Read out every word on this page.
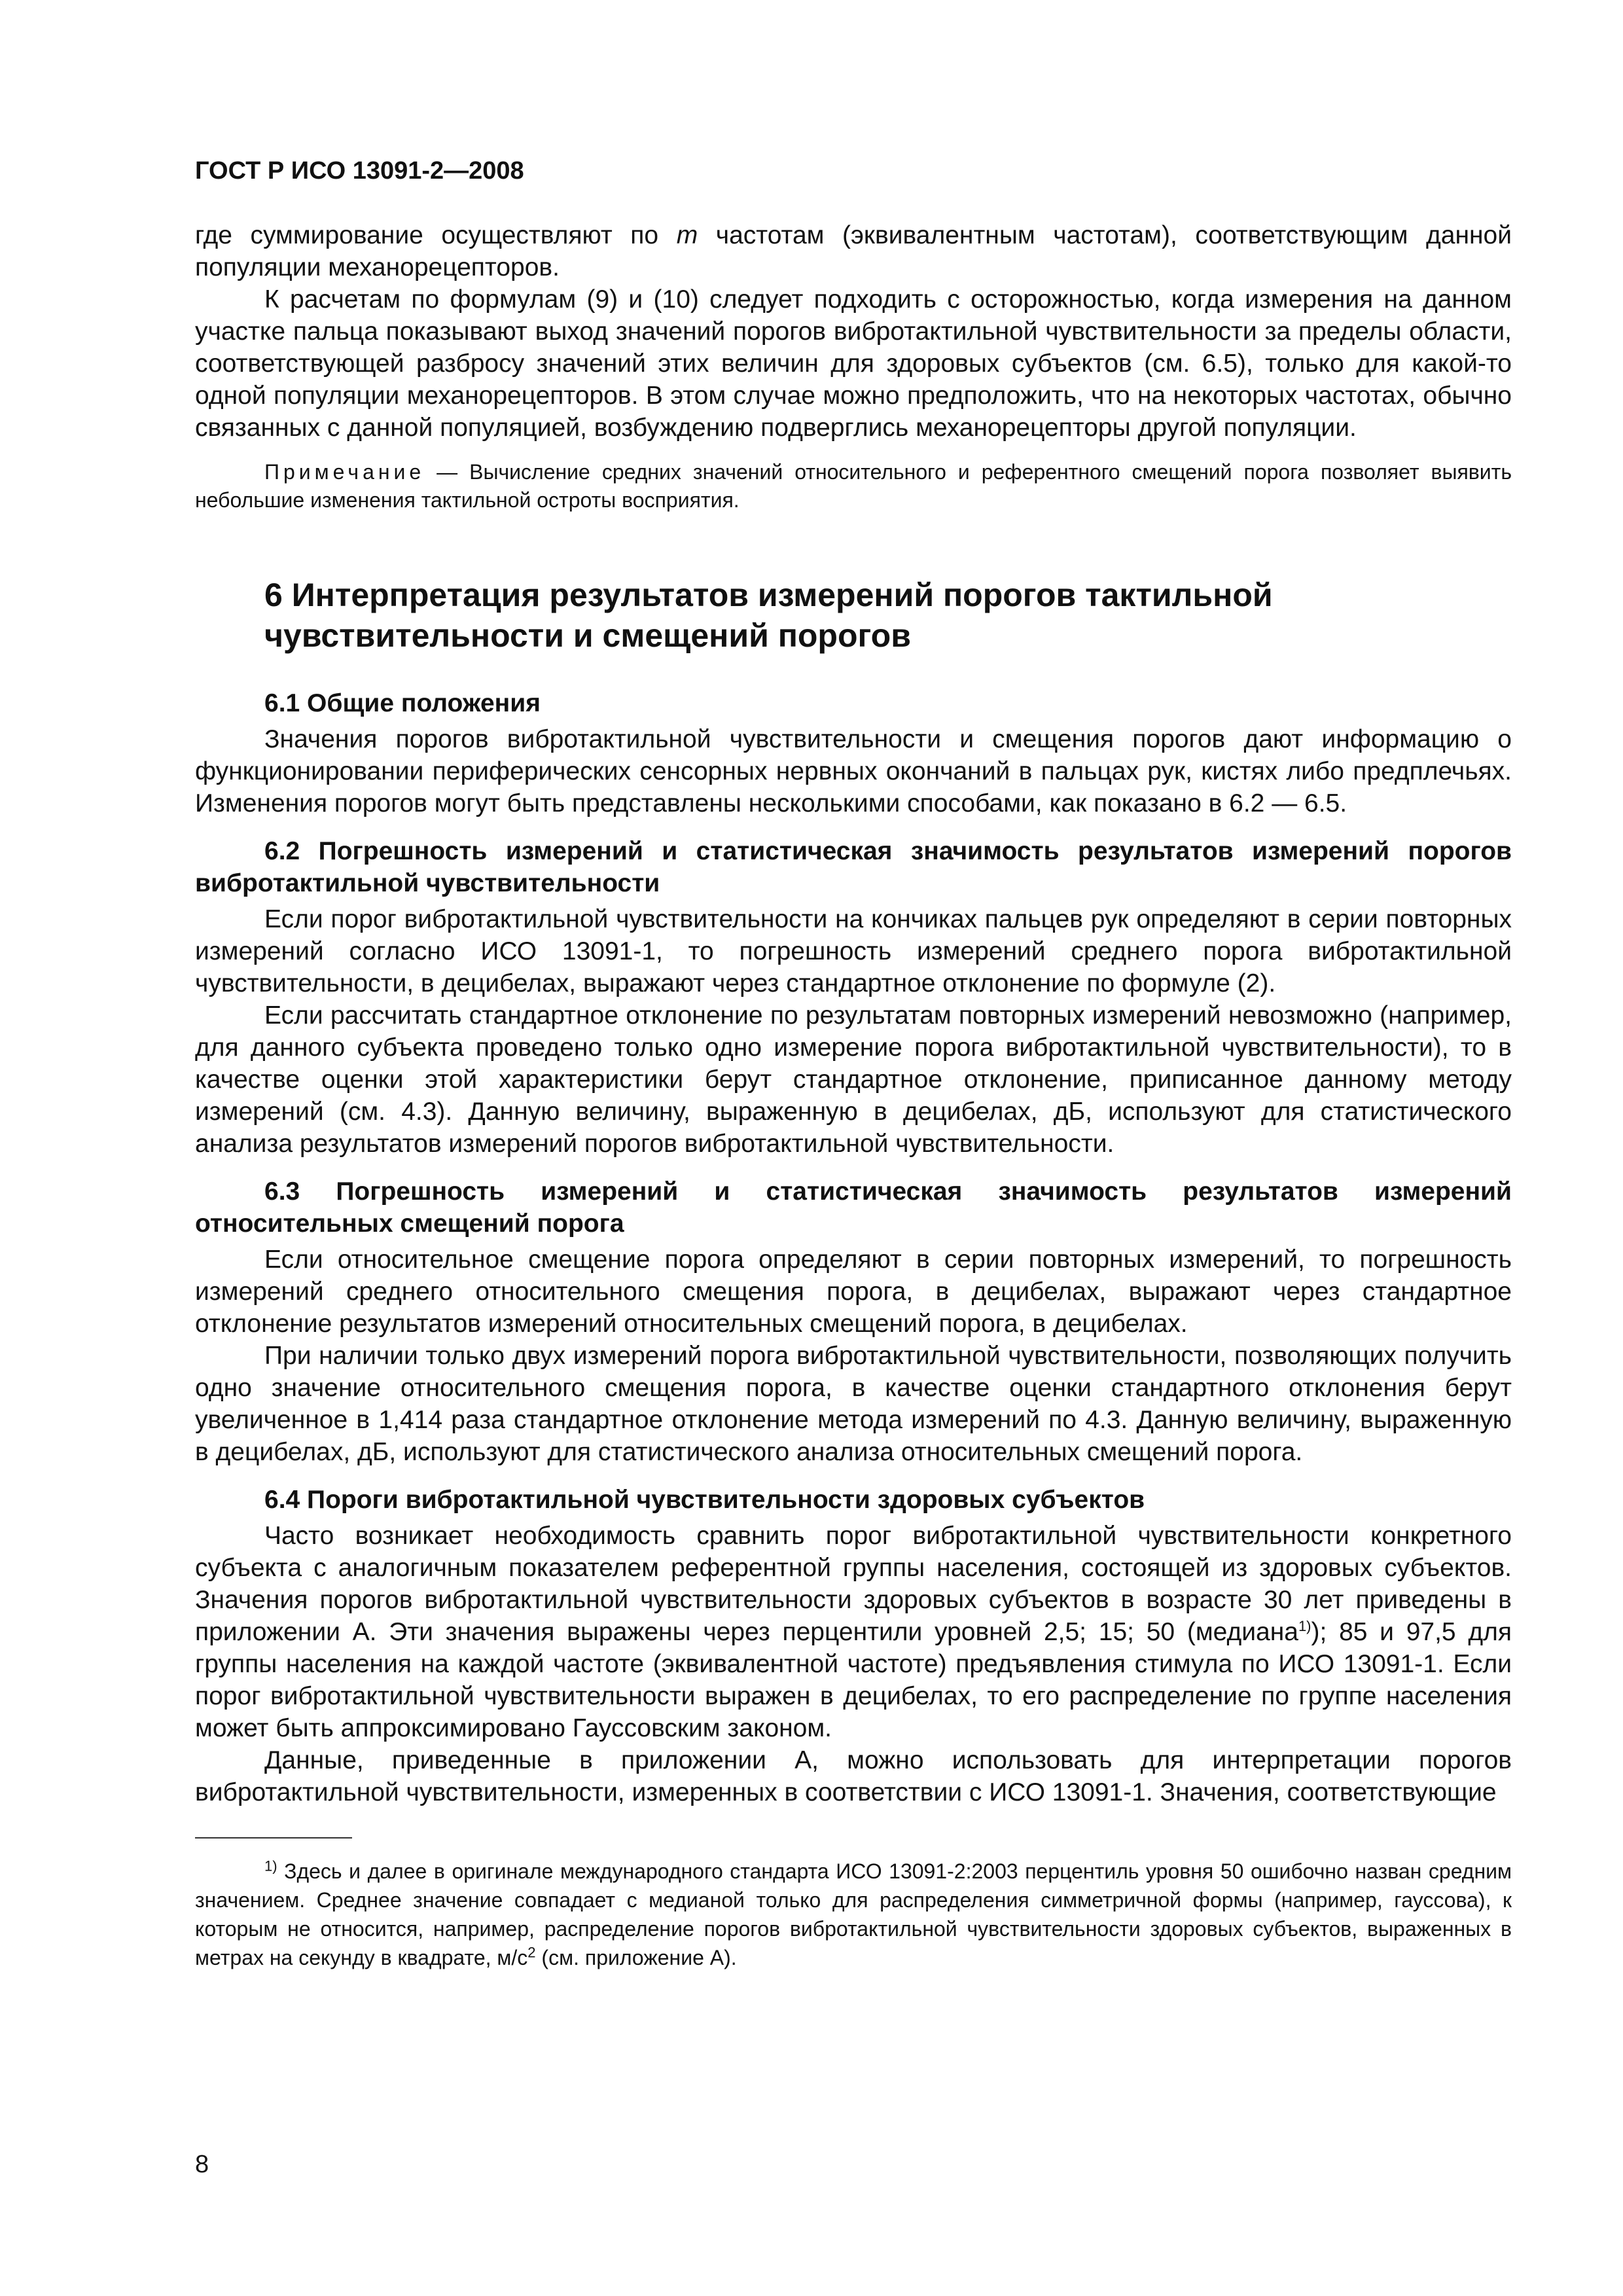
ГОСТ Р ИСО 13091-2—2008

где суммирование осуществляют по m частотам (эквивалентным частотам), соответствующим данной популяции механорецепторов.

К расчетам по формулам (9) и (10) следует подходить с осторожностью, когда измерения на данном участке пальца показывают выход значений порогов вибротактильной чувствительности за пределы области, соответствующей разбросу значений этих величин для здоровых субъектов (см. 6.5), только для какой-то одной популяции механорецепторов. В этом случае можно предположить, что на некоторых частотах, обычно связанных с данной популяцией, возбуждению подверглись механорецепторы другой популяции.

Примечание — Вычисление средних значений относительного и референтного смещений порога позволяет выявить небольшие изменения тактильной остроты восприятия.

6 Интерпретация результатов измерений порогов тактильной чувствительности и смещений порогов
6.1 Общие положения

Значения порогов вибротактильной чувствительности и смещения порогов дают информацию о функционировании периферических сенсорных нервных окончаний в пальцах рук, кистях либо предплечьях. Изменения порогов могут быть представлены несколькими способами, как показано в 6.2 — 6.5.

6.2 Погрешность измерений и статистическая значимость результатов измерений порогов вибротактильной чувствительности

Если порог вибротактильной чувствительности на кончиках пальцев рук определяют в серии повторных измерений согласно ИСО 13091-1, то погрешность измерений среднего порога вибротактильной чувствительности, в децибелах, выражают через стандартное отклонение по формуле (2).

Если рассчитать стандартное отклонение по результатам повторных измерений невозможно (например, для данного субъекта проведено только одно измерение порога вибротактильной чувствительности), то в качестве оценки этой характеристики берут стандартное отклонение, приписанное данному методу измерений (см. 4.3). Данную величину, выраженную в децибелах, дБ, используют для статистического анализа результатов измерений порогов вибротактильной чувствительности.

6.3 Погрешность измерений и статистическая значимость результатов измерений относительных смещений порога

Если относительное смещение порога определяют в серии повторных измерений, то погрешность измерений среднего относительного смещения порога, в децибелах, выражают через стандартное отклонение результатов измерений относительных смещений порога, в децибелах.

При наличии только двух измерений порога вибротактильной чувствительности, позволяющих получить одно значение относительного смещения порога, в качестве оценки стандартного отклонения берут увеличенное в 1,414 раза стандартное отклонение метода измерений по 4.3. Данную величину, выраженную в децибелах, дБ, используют для статистического анализа относительных смещений порога.

6.4 Пороги вибротактильной чувствительности здоровых субъектов

Часто возникает необходимость сравнить порог вибротактильной чувствительности конкретного субъекта с аналогичным показателем референтной группы населения, состоящей из здоровых субъектов. Значения порогов вибротактильной чувствительности здоровых субъектов в возрасте 30 лет приведены в приложении А. Эти значения выражены через перцентили уровней 2,5; 15; 50 (медиана$^{1)}$); 85 и 97,5 для группы населения на каждой частоте (эквивалентной частоте) предъявления стимула по ИСО 13091-1. Если порог вибротактильной чувствительности выражен в децибелах, то его распределение по группе населения может быть аппроксимировано Гауссовским законом.

Данные, приведенные в приложении А, можно использовать для интерпретации порогов вибротактильной чувствительности, измеренных в соответствии с ИСО 13091-1. Значения, соответствующие

$^{1)}$ Здесь и далее в оригинале международного стандарта ИСО 13091-2:2003 перцентиль уровня 50 ошибочно назван средним значением. Среднее значение совпадает с медианой только для распределения симметричной формы (например, гауссова), к которым не относится, например, распределение порогов вибротактильной чувствительности здоровых субъектов, выраженных в метрах на секунду в квадрате, $м/с^2$ (см. приложение А).

8
